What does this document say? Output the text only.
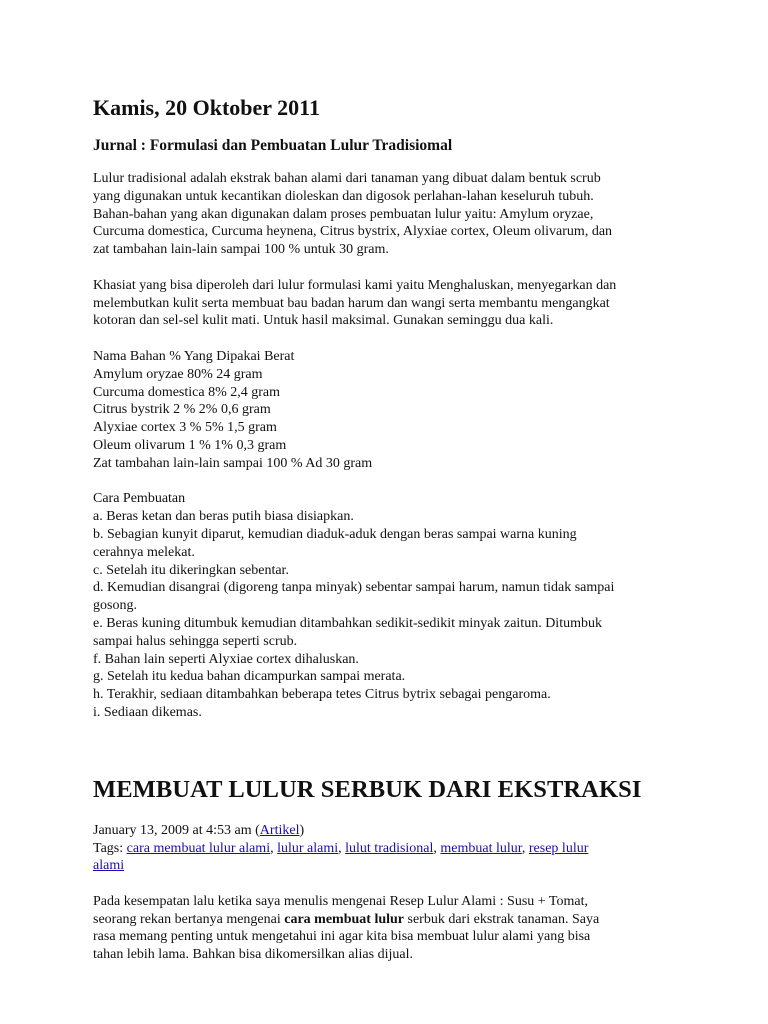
Kamis, 20 Oktober 2011
Jurnal : Formulasi dan Pembuatan Lulur Tradisiomal

Lulur tradisional adalah ekstrak bahan alami dari tanaman yang dibuat dalam bentuk scrub
yang digunakan untuk kecantikan dioleskan dan digosok perlahan-lahan keseluruh tubuh.
Bahan-bahan yang akan digunakan dalam proses pembuatan lulur yaitu: Amylum oryzae,
Curcuma domestica, Curcuma heynena, Citrus bystrix, Alyxiae cortex, Oleum olivarum, dan
zat tambahan lain-lain sampai 100 % untuk 30 gram.

Khasiat yang bisa diperoleh dari lulur formulasi kami yaitu Menghaluskan, menyegarkan dan
melembutkan kulit serta membuat bau badan harum dan wangi serta membantu mengangkat
kotoran dan sel-sel kulit mati. Untuk hasil maksimal. Gunakan seminggu dua kali.

Nama Bahan % Yang Dipakai Berat
Amylum oryzae 80% 24 gram
Curcuma domestica 8% 2,4 gram
Citrus bystrik 2 % 2% 0,6 gram
Alyxiae cortex 3 % 5% 1,5 gram
Oleum olivarum 1 % 1% 0,3 gram
Zat tambahan lain-lain sampai 100 % Ad 30 gram
Cara Pembuatan
a. Beras ketan dan beras putih biasa disiapkan.
b. Sebagian kunyit diparut, kemudian diaduk-aduk dengan beras sampai warna kuning
cerahnya melekat.
c. Setelah itu dikeringkan sebentar.
d. Kemudian disangrai (digoreng tanpa minyak) sebentar sampai harum, namun tidak sampai
gosong.
e. Beras kuning ditumbuk kemudian ditambahkan sedikit-sedikit minyak zaitun. Ditumbuk
sampai halus sehingga seperti scrub.
f. Bahan lain seperti Alyxiae cortex dihaluskan.
g. Setelah itu kedua bahan dicampurkan sampai merata.
h. Terakhir, sediaan ditambahkan beberapa tetes Citrus bytrix sebagai pengaroma.
i. Sediaan dikemas.
MEMBUAT LULUR SERBUK DARI EKSTRAKSI

January 13, 2009 at 4:53 am (Artikel)
Tags: cara membuat lulur alami, lulur alami, lulut tradisional, membuat lulur, resep lulur
alami

Pada kesempatan lalu ketika saya menulis mengenai Resep Lulur Alami : Susu + Tomat,
seorang rekan bertanya mengenai cara membuat lulur serbuk dari ekstrak tanaman. Saya
rasa memang penting untuk mengetahui ini agar kita bisa membuat lulur alami yang bisa
tahan lebih lama. Bahkan bisa dikomersilkan alias dijual.
